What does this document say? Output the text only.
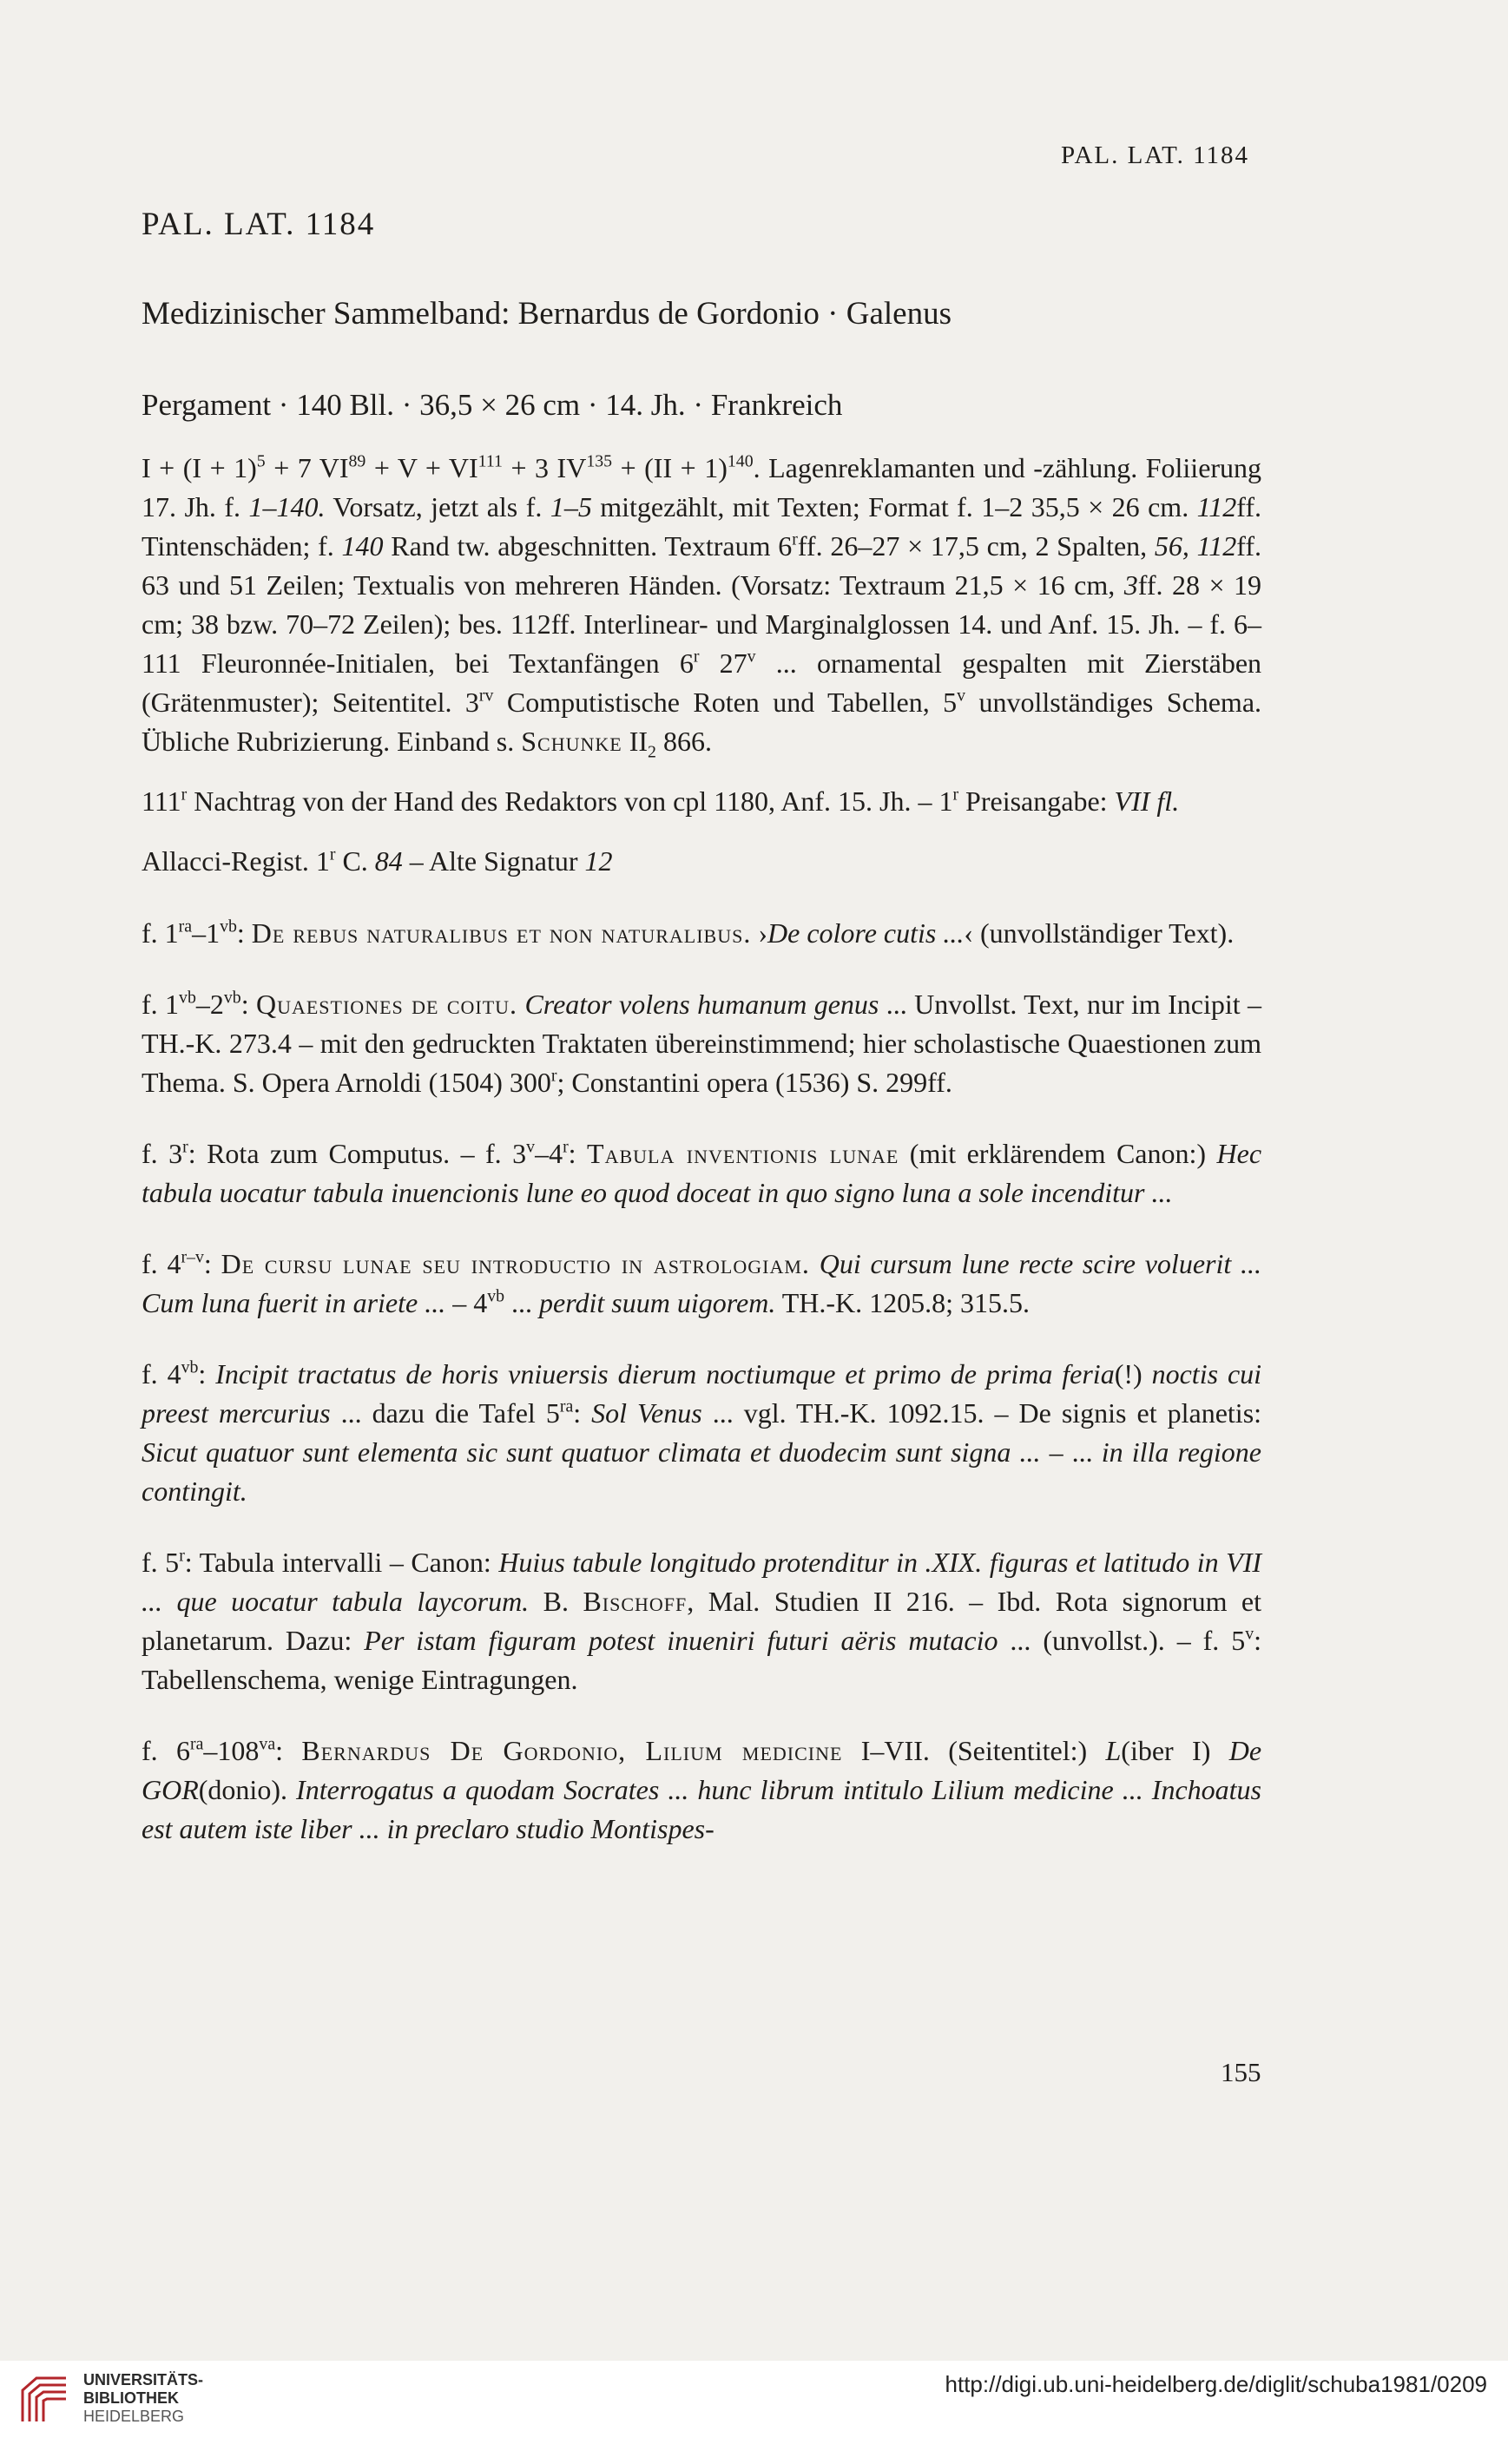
PAL. LAT. 1184

PAL. LAT. 1184

Medizinischer Sammelband: Bernardus de Gordonio · Galenus

Pergament · 140 Bll. · 36,5 × 26 cm · 14. Jh. · Frankreich

$I + (I + 1)^5 + 7$ $VI^{89} + V + VI^{111} + 3$ $IV^{135} + (II + 1)^{140}$. Lagenreklamanten und -zählung. Foliierung 17. Jh. f. 1–140. Vorsatz, jetzt als f. 1–5 mitgezählt, mit Texten; Format f. 1–2 35,5 × 26 cm. 112ff. Tintenschäden; f. 140 Rand tw. abgeschnitten. Textraum 6$^r$ff. 26–27 × 17,5 cm, 2 Spalten, 56, 112ff. 63 und 51 Zeilen; Textualis von mehreren Händen. (Vorsatz: Textraum 21,5 × 16 cm, 3ff. 28 × 19 cm; 38 bzw. 70–72 Zeilen); bes. 112ff. Interlinear- und Marginalglossen 14. und Anf. 15. Jh. – f. 6–111 Fleuronnée-Initialen, bei Textanfängen 6$^r$ 27$^v$ ... ornamental gespalten mit Zierstäben (Grätenmuster); Seitentitel. $3^{rv}$ Computistische Roten und Tabellen, 5$^v$ unvollständiges Schema. Übliche Rubrizierung. Einband s. Schunke $II_2$ 866.

111$^r$ Nachtrag von der Hand des Redaktors von cpl 1180, Anf. 15. Jh. – 1$^r$ Preisangabe: VII fl.

Allacci-Regist. 1$^r$ C. 84 – Alte Signatur 12

f. $1^{ra}-1^{vb}$: De rebus naturalibus et non naturalibus. ›De colore cutis ...‹ (unvollständiger Text).

f. $1^{vb}-2^{vb}$: Quaestiones de coitu. Creator volens humanum genus ... Unvollst. Text, nur im Incipit – TH.-K. 273.4 – mit den gedruckten Traktaten übereinstimmend; hier scholastische Quaestionen zum Thema. S. Opera Arnoldi (1504) 300$^r$; Constantini opera (1536) S. 299ff.

f. 3$^r$: Rota zum Computus. – f. 3$^v$–4$^r$: Tabula inventionis lunae (mit erklärendem Canon:) Hec tabula uocatur tabula inuencionis lune eo quod doceat in quo signo luna a sole incenditur ...

f. 4$^{r-v}$: De cursu lunae seu introductio in astrologiam. Qui cursum lune recte scire voluerit ... Cum luna fuerit in ariete ... – $4^{vb}$ ... perdit suum uigorem. TH.-K. 1205.8; 315.5.

f. $4^{vb}$: Incipit tractatus de horis vniuersis dierum noctiumque et primo de prima feria(!) noctis cui preest mercurius ... dazu die Tafel $5^{ra}$: Sol Venus ... vgl. TH.-K. 1092.15. – De signis et planetis: Sicut quatuor sunt elementa sic sunt quatuor climata et duodecim sunt signa ... – ... in illa regione contingit.

f. 5$^r$: Tabula intervalli – Canon: Huius tabule longitudo protenditur in .XIX. figuras et latitudo in VII ... que uocatur tabula laycorum. B. Bischoff, Mal. Studien II 216. – Ibd. Rota signorum et planetarum. Dazu: Per istam figuram potest inueniri futuri aëris mutacio ... (unvollst.). – f. 5$^v$: Tabellenschema, wenige Eintragungen.

f. $6^{ra}-108^{va}$: Bernardus De Gordonio, Lilium medicine I–VII. (Seitentitel:) L(iber I) De GOR(donio). Interrogatus a quodam Socrates ... hunc librum intitulo Lilium medicine ... Inchoatus est autem iste liber ... in preclaro studio Montispes-

155
UNIVERSITÄTS-
BIBLIOTHEK
HEIDELBERG
http://digi.ub.uni-heidelberg.de/diglit/schuba1981/0209
